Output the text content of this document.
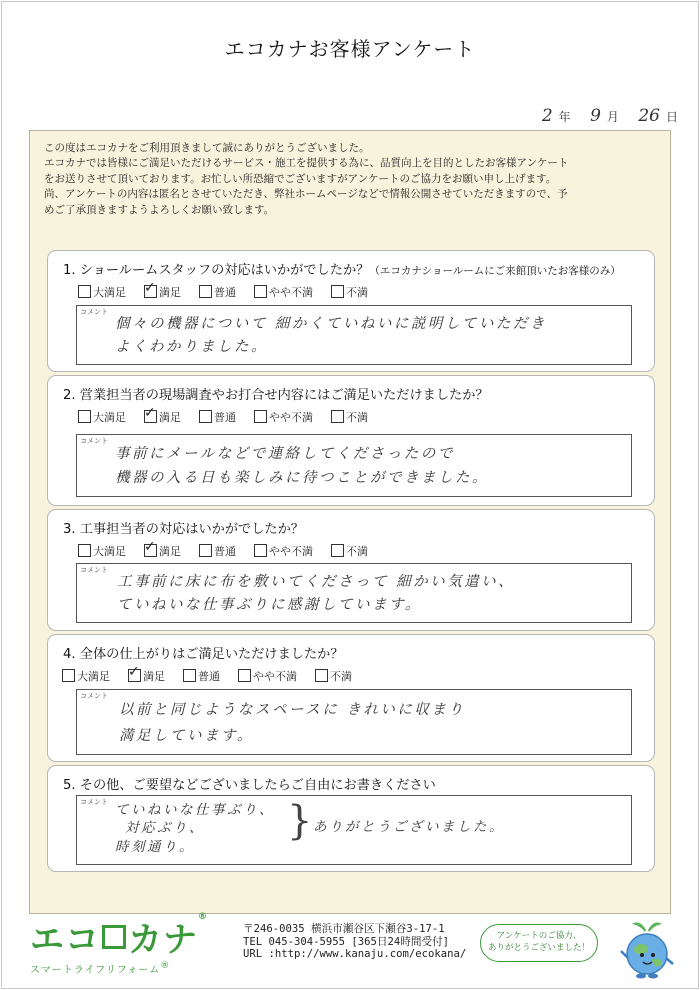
エコカナお客様アンケート
2 年 9 月 26 日
この度はエコカナをご利用頂きまして誠にありがとうございました。
エコカナでは皆様にご満足いただけるサービス・施工を提供する為に、品質向上を目的としたお客様アンケート
をお送りさせて頂いております。お忙しい所恐縮でございますがアンケートのご協力をお願い申し上げます。
尚、アンケートの内容は匿名とさせていただき、弊社ホームページなどで情報公開させていただきますので、予
めご了承頂きますようよろしくお願い致します。
1. ショールームスタッフの対応はいかがでしたか？（エコカナショールームにご来館頂いたお客様のみ）
大満足 ✓	満足	普通	やや不満	不満
コメント
個々の機器について 細かくていねいに説明していただき
よくわかりました。
2. 営業担当者の現場調査やお打合せ内容にはご満足いただけましたか？
大満足 ✓	満足	普通	やや不満	不満
コメント
事前にメールなどで連絡してくださったので
機器の入る日も楽しみに待つことができました。
3. 工事担当者の対応はいかがでしたか？
大満足 ✓	満足	普通	やや不満	不満
コメント
工事前に床に布を敷いてくださって 細かい気遣い、
ていねいな仕事ぶりに感謝しています。
4. 全体の仕上がりはご満足いただけましたか？
大満足 ✓	満足	普通	やや不満	不満
コメント
以前と同じようなスペースに きれいに収まり
満足しています。
5. その他、ご要望などございましたらご自由にお書きください
コメント ていねいな仕事ぶり、
対応ぶり、
時刻通り。
} ありがとうございました。
エコ カナ®
スマートライフリフォーム®
〒246-0035 横浜市瀬谷区下瀬谷3-17-1
TEL 045-304-5955 [365日24時間受付]
URL :http://www.kanaju.com/ecokana/
アンケートのご協力、
ありがとうございました！
